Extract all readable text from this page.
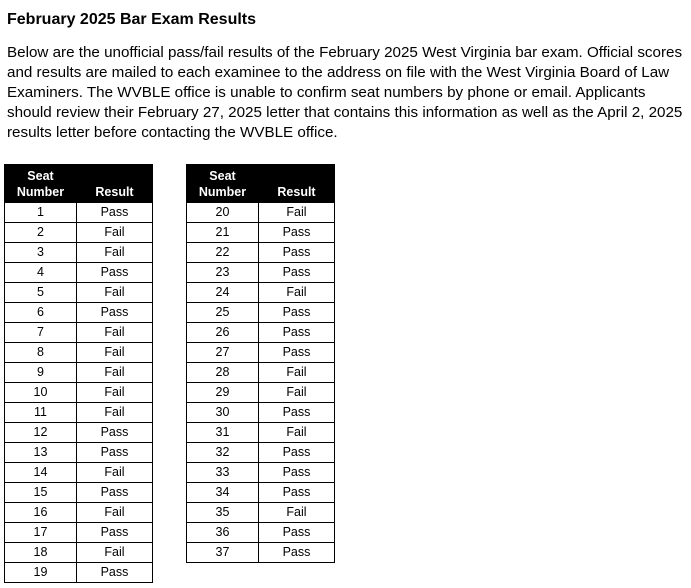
February 2025 Bar Exam Results

Below are the unofficial pass/fail results of the February 2025 West Virginia bar exam. Official scores and results are mailed to each examinee to the address on file with the West Virginia Board of Law Examiners. The WVBLE office is unable to confirm seat numbers by phone or email. Applicants should review their February 27, 2025 letter that contains this information as well as the April 2, 2025 results letter before contacting the WVBLE office.

Seat
Number	Result
1	Pass
2	Fail
3	Fail
4	Pass
5	Fail
6	Pass
7	Fail
8	Fail
9	Fail
10	Fail
11	Fail
12	Pass
13	Pass
14	Fail
15	Pass
16	Fail
17	Pass
18	Fail
19	Pass
Seat
Number	Result
20	Fail
21	Pass
22	Pass
23	Pass
24	Fail
25	Pass
26	Pass
27	Pass
28	Fail
29	Fail
30	Pass
31	Fail
32	Pass
33	Pass
34	Pass
35	Fail
36	Pass
37	Pass
